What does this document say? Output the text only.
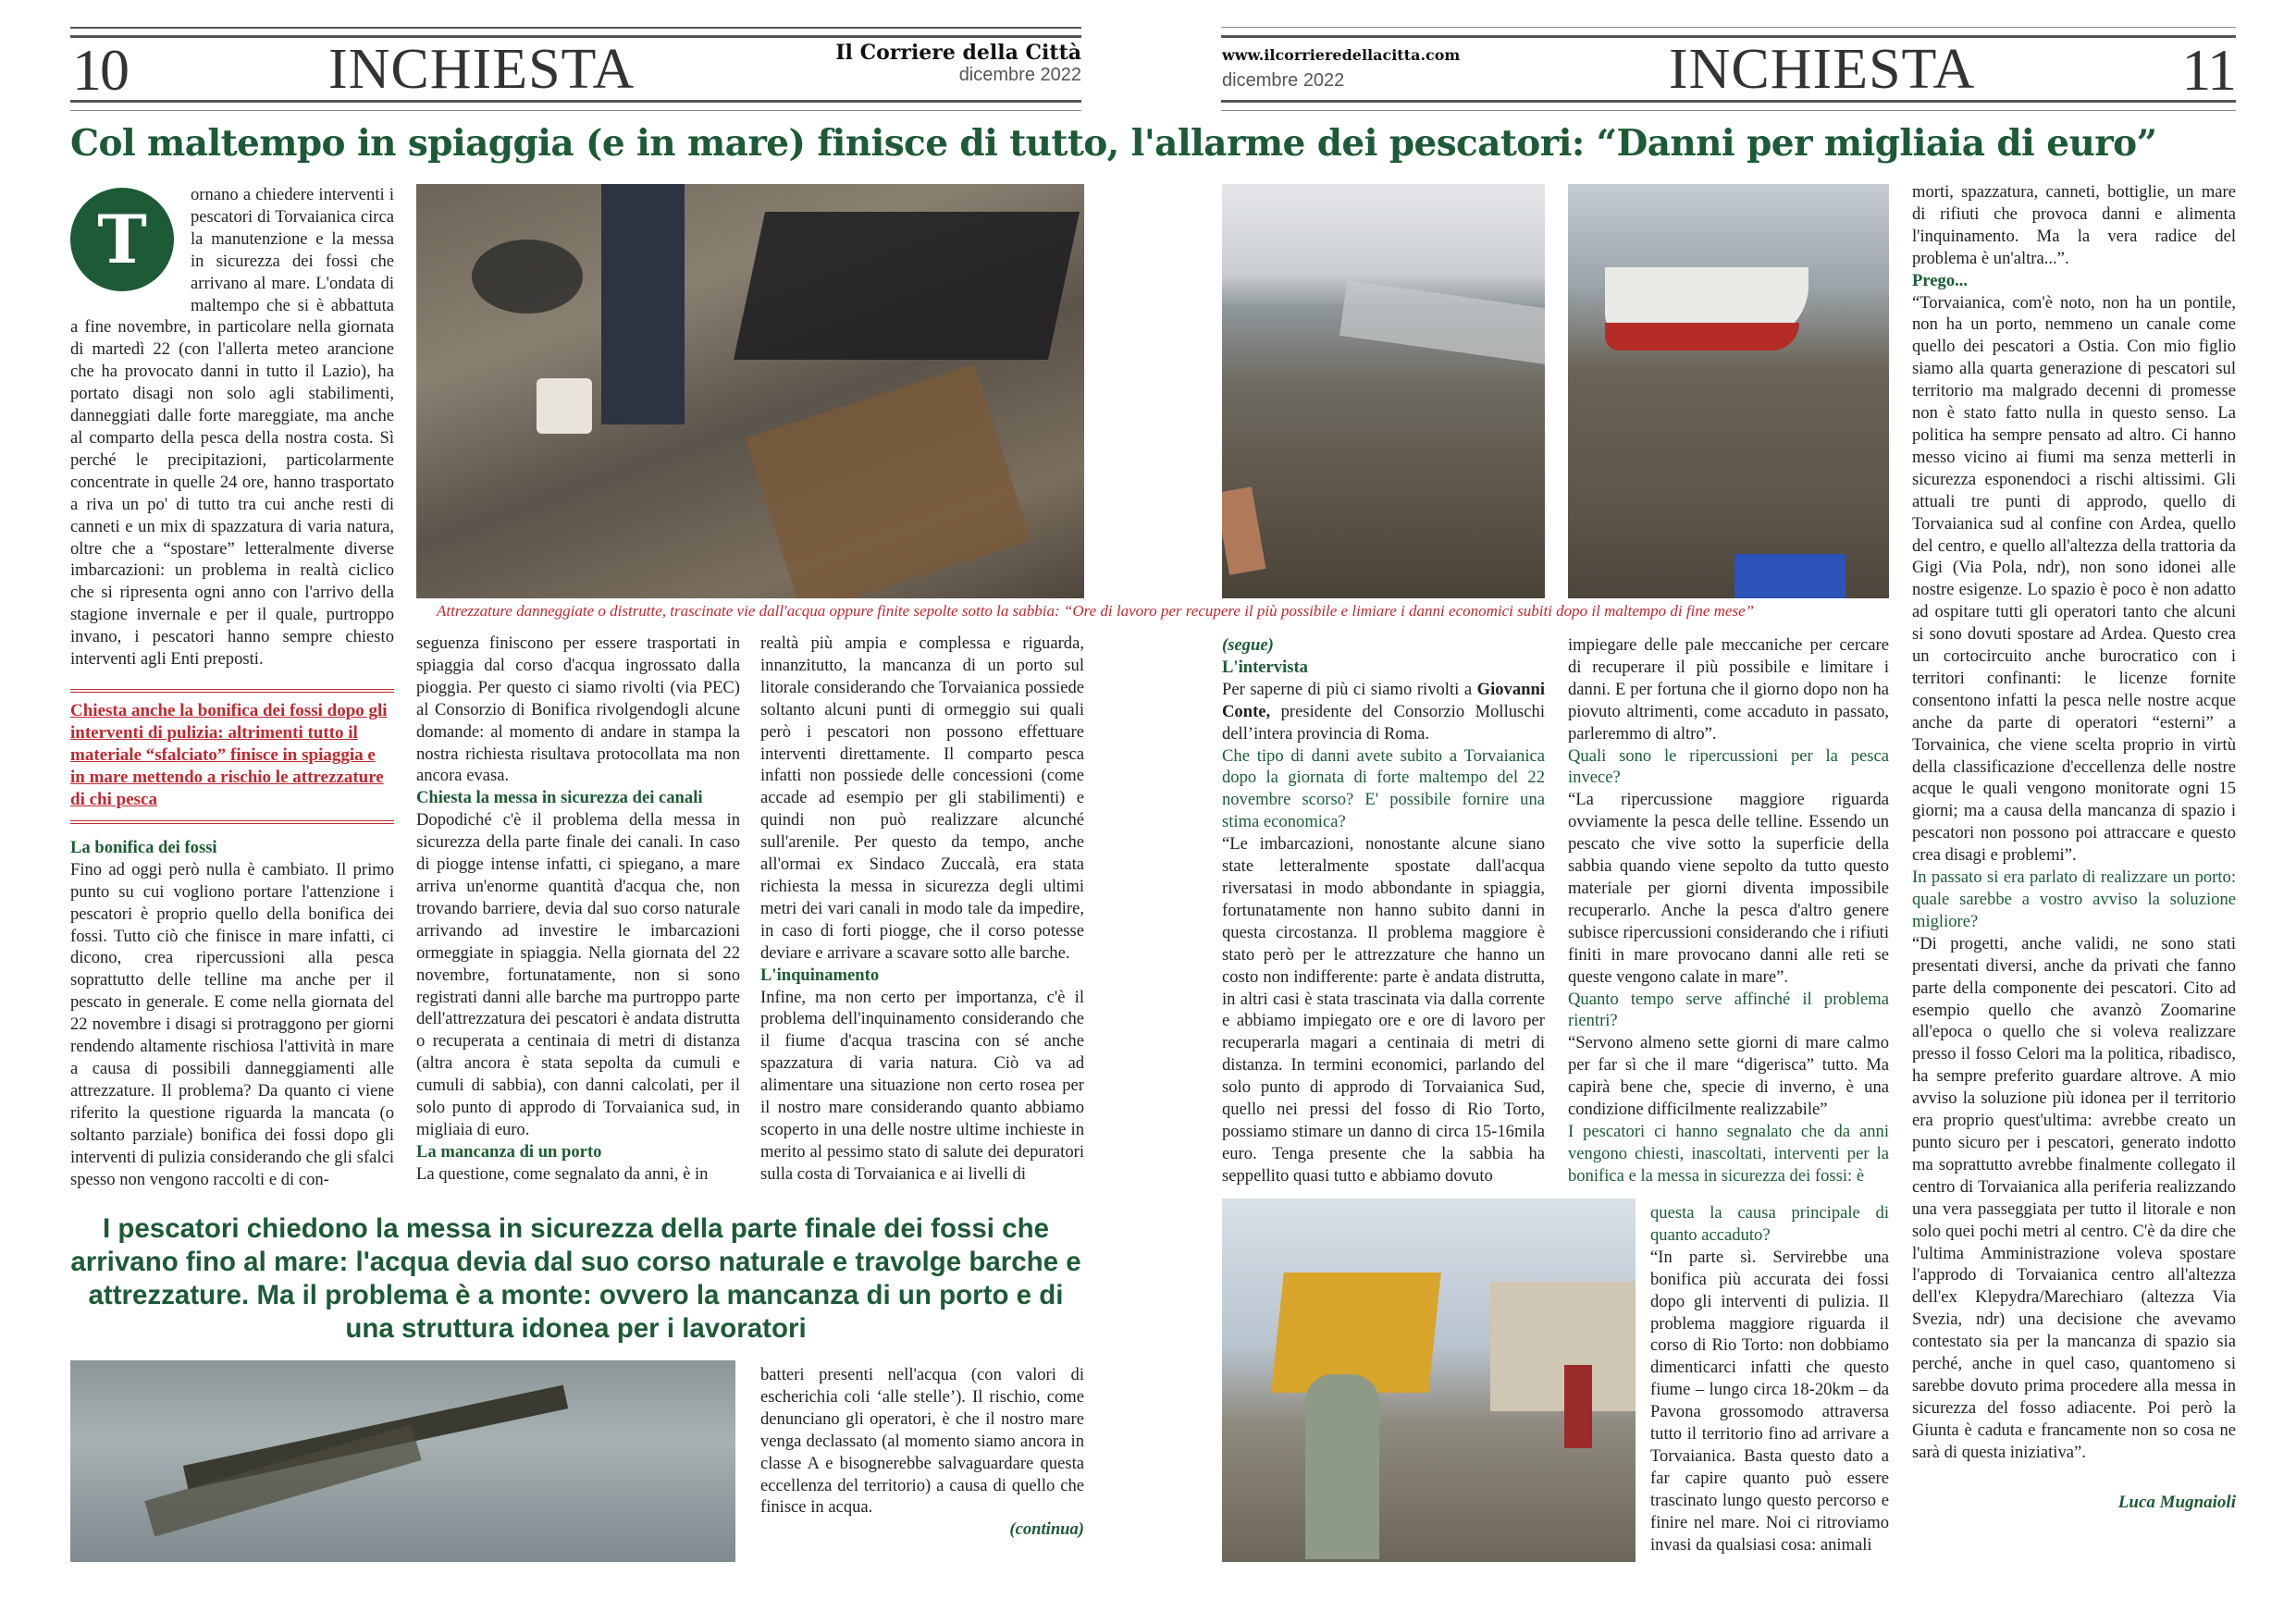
10	INCHIESTA	Il Corriere della Città
dicembre 2022
www.ilcorrieredellacitta.com
dicembre 2022	INCHIESTA	11
Col maltempo in spiaggia (e in mare) finisce di tutto, l'allarme dei pescatori: “Danni per migliaia di euro”
Attrezzature danneggiate o distrutte, trascinate vie dall'acqua oppure finite sepolte sotto la sabbia: “Ore di lavoro per recupere il più possibile e limiare i danni economici subiti dopo il maltempo di fine mese”
T

ornano a chiedere interventi i pescatori di Torvaianica circa la manutenzione e la messa in sicurezza dei fossi che arrivano al mare. L'ondata di maltempo che si è abbattuta a fine novembre, in particolare nella giornata di martedì 22 (con l'allerta meteo arancione che ha provocato danni in tutto il Lazio), ha portato disagi non solo agli stabilimenti, danneggiati dalle forte mareggiate, ma anche al comparto della pesca della nostra costa. Sì perché le precipitazioni, particolarmente concentrate in quelle 24 ore, hanno trasportato a riva un po' di tutto tra cui anche resti di canneti e un mix di spazzatura di varia natura, oltre che a “spostare” letteralmente diverse imbarcazioni: un problema in realtà ciclico che si ripresenta ogni anno con l'arrivo della stagione invernale e per il quale, purtroppo invano, i pescatori hanno sempre chiesto interventi agli Enti preposti.

Chiesta anche la bonifica dei fossi dopo gli interventi di pulizia: altrimenti tutto il materiale “sfalciato” finisce in spiaggia e in mare mettendo a rischio le attrezzature di chi pesca

La bonifica dei fossi

Fino ad oggi però nulla è cambiato. Il primo punto su cui vogliono portare l'attenzione i pescatori è proprio quello della bonifica dei fossi. Tutto ciò che finisce in mare infatti, ci dicono, crea ripercussioni alla pesca soprattutto delle telline ma anche per il pescato in generale. E come nella giornata del 22 novembre i disagi si protraggono per giorni rendendo altamente rischiosa l'attività in mare a causa di possibili danneggiamenti alle attrezzature. Il problema? Da quanto ci viene riferito la questione riguarda la mancata (o soltanto parziale) bonifica dei fossi dopo gli interventi di pulizia considerando che gli sfalci spesso non vengono raccolti e di con-

seguenza finiscono per essere trasportati in spiaggia dal corso d'acqua ingrossato dalla pioggia. Per questo ci siamo rivolti (via PEC) al Consorzio di Bonifica rivolgendogli alcune domande: al momento di andare in stampa la nostra richiesta risultava protocollata ma non ancora evasa.

Chiesta la messa in sicurezza dei canali

Dopodiché c'è il problema della messa in sicurezza della parte finale dei canali. In caso di piogge intense infatti, ci spiegano, a mare arriva un'enorme quantità d'acqua che, non trovando barriere, devia dal suo corso naturale arrivando ad investire le imbarcazioni ormeggiate in spiaggia. Nella giornata del 22 novembre, fortunatamente, non si sono registrati danni alle barche ma purtroppo parte dell'attrezzatura dei pescatori è andata distrutta o recuperata a centinaia di metri di distanza (altra ancora è stata sepolta da cumuli e cumuli di sabbia), con danni calcolati, per il solo punto di approdo di Torvaianica sud, in migliaia di euro.

La mancanza di un porto

La questione, come segnalato da anni, è in

realtà più ampia e complessa e riguarda, innanzitutto, la mancanza di un porto sul litorale considerando che Torvaianica possiede soltanto alcuni punti di ormeggio sui quali però i pescatori non possono effettuare interventi direttamente. Il comparto pesca infatti non possiede delle concessioni (come accade ad esempio per gli stabilimenti) e quindi non può realizzare alcunché sull'arenile. Per questo da tempo, anche all'ormai ex Sindaco Zuccalà, era stata richiesta la messa in sicurezza degli ultimi metri dei vari canali in modo tale da impedire, in caso di forti piogge, che il corso potesse deviare e arrivare a scavare sotto alle barche.

L'inquinamento

Infine, ma non certo per importanza, c'è il problema dell'inquinamento considerando che il fiume d'acqua trascina con sé anche spazzatura di varia natura. Ciò va ad alimentare una situazione non certo rosea per il nostro mare considerando quanto abbiamo scoperto in una delle nostre ultime inchieste in merito al pessimo stato di salute dei depuratori sulla costa di Torvaianica e ai livelli di

I pescatori chiedono la messa in sicurezza della parte finale dei fossi che arrivano fino al mare: l'acqua devia dal suo corso naturale e travolge barche e attrezzature. Ma il problema è a monte: ovvero la mancanza di un porto e di una struttura idonea per i lavoratori

batteri presenti nell'acqua (con valori di escherichia coli ‘alle stelle’). Il rischio, come denunciano gli operatori, è che il nostro mare venga declassato (al momento siamo ancora in classe A e bisognerebbe salvaguardare questa eccellenza del territorio) a causa di quello che finisce in acqua.

(continua)

(segue)

L'intervista

Per saperne di più ci siamo rivolti a Giovanni Conte, presidente del Consorzio Molluschi dell’intera provincia di Roma.

Che tipo di danni avete subito a Torvaianica dopo la giornata di forte maltempo del 22 novembre scorso? E' possibile fornire una stima economica?

“Le imbarcazioni, nonostante alcune siano state letteralmente spostate dall'acqua riversatasi in modo abbondante in spiaggia, fortunatamente non hanno subito danni in questa circostanza. Il problema maggiore è stato però per le attrezzature che hanno un costo non indifferente: parte è andata distrutta, in altri casi è stata trascinata via dalla corrente e abbiamo impiegato ore e ore di lavoro per recuperarla magari a centinaia di metri di distanza. In termini economici, parlando del solo punto di approdo di Torvaianica Sud, quello nei pressi del fosso di Rio Torto, possiamo stimare un danno di circa 15-16mila euro. Tenga presente che la sabbia ha seppellito quasi tutto e abbiamo dovuto

impiegare delle pale meccaniche per cercare di recuperare il più possibile e limitare i danni. E per fortuna che il giorno dopo non ha piovuto altrimenti, come accaduto in passato, parleremmo di altro”.

Quali sono le ripercussioni per la pesca invece?

“La ripercussione maggiore riguarda ovviamente la pesca delle telline. Essendo un pescato che vive sotto la superficie della sabbia quando viene sepolto da tutto questo materiale per giorni diventa impossibile recuperarlo. Anche la pesca d'altro genere subisce ripercussioni considerando che i rifiuti finiti in mare provocano danni alle reti se queste vengono calate in mare”.

Quanto tempo serve affinché il problema rientri?

“Servono almeno sette giorni di mare calmo per far sì che il mare “digerisca” tutto. Ma capirà bene che, specie di inverno, è una condizione difficilmente realizzabile”

I pescatori ci hanno segnalato che da anni vengono chiesti, inascoltati, interventi per la bonifica e la messa in sicurezza dei fossi: è

questa la causa principale di quanto accaduto?

“In parte sì. Servirebbe una bonifica più accurata dei fossi dopo gli interventi di pulizia. Il problema maggiore riguarda il corso di Rio Torto: non dobbiamo dimenticarci infatti che questo fiume – lungo circa 18-20km – da Pavona grossomodo attraversa tutto il territorio fino ad arrivare a Torvaianica. Basta questo dato a far capire quanto può essere trascinato lungo questo percorso e finire nel mare. Noi ci ritroviamo invasi da qualsiasi cosa: animali

morti, spazzatura, canneti, bottiglie, un mare di rifiuti che provoca danni e alimenta l'inquinamento. Ma la vera radice del problema è un'altra...”.

Prego...

“Torvaianica, com'è noto, non ha un pontile, non ha un porto, nemmeno un canale come quello dei pescatori a Ostia. Con mio figlio siamo alla quarta generazione di pescatori sul territorio ma malgrado decenni di promesse non è stato fatto nulla in questo senso. La politica ha sempre pensato ad altro. Ci hanno messo vicino ai fiumi ma senza metterli in sicurezza esponendoci a rischi altissimi. Gli attuali tre punti di approdo, quello di Torvaianica sud al confine con Ardea, quello del centro, e quello all'altezza della trattoria da Gigi (Via Pola, ndr), non sono idonei alle nostre esigenze. Lo spazio è poco è non adatto ad ospitare tutti gli operatori tanto che alcuni si sono dovuti spostare ad Ardea. Questo crea un cortocircuito anche burocratico con i territori confinanti: le licenze fornite consentono infatti la pesca nelle nostre acque anche da parte di operatori “esterni” a Torvainica, che viene scelta proprio in virtù della classificazione d'eccellenza delle nostre acque le quali vengono monitorate ogni 15 giorni; ma a causa della mancanza di spazio i pescatori non possono poi attraccare e questo crea disagi e problemi”.

In passato si era parlato di realizzare un porto: quale sarebbe a vostro avviso la soluzione migliore?

“Di progetti, anche validi, ne sono stati presentati diversi, anche da privati che fanno parte della componente dei pescatori. Cito ad esempio quello che avanzò Zoomarine all'epoca o quello che si voleva realizzare presso il fosso Celori ma la politica, ribadisco, ha sempre preferito guardare altrove. A mio avviso la soluzione più idonea per il territorio era proprio quest'ultima: avrebbe creato un punto sicuro per i pescatori, generato indotto ma soprattutto avrebbe finalmente collegato il centro di Torvaianica alla periferia realizzando una vera passeggiata per tutto il litorale e non solo quei pochi metri al centro. C'è da dire che l'ultima Amministrazione voleva spostare l'approdo di Torvaianica centro all'altezza dell'ex Klepydra/Marechiaro (altezza Via Svezia, ndr) una decisione che avevamo contestato sia per la mancanza di spazio sia perché, anche in quel caso, quantomeno si sarebbe dovuto prima procedere alla messa in sicurezza del fosso adiacente. Poi però la Giunta è caduta e francamente non so cosa ne sarà di questa iniziativa”.

Luca Mugnaioli
